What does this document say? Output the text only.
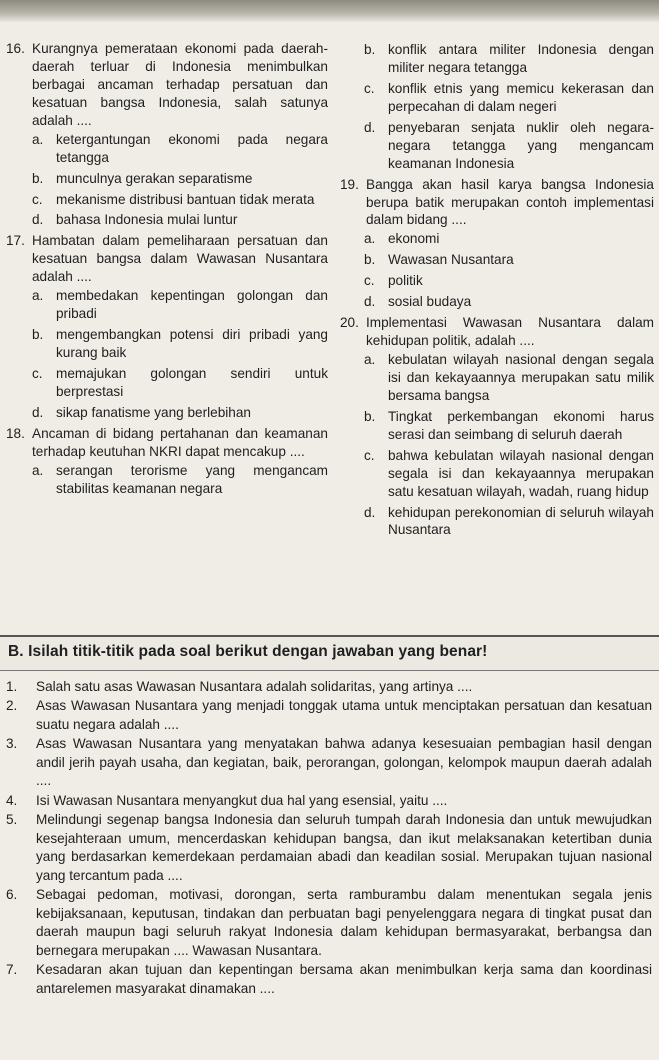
16. Kurangnya pemerataan ekonomi pada daerah-daerah terluar di Indonesia menimbulkan berbagai ancaman terhadap persatuan dan kesatuan bangsa Indonesia, salah satunya adalah ....
a. ketergantungan ekonomi pada negara tetangga
b. munculnya gerakan separatisme
c. mekanisme distribusi bantuan tidak merata
d. bahasa Indonesia mulai luntur
17. Hambatan dalam pemeliharaan persatuan dan kesatuan bangsa dalam Wawasan Nusantara adalah ....
a. membedakan kepentingan golongan dan pribadi
b. mengembangkan potensi diri pribadi yang kurang baik
c. memajukan golongan sendiri untuk berprestasi
d. sikap fanatisme yang berlebihan
18. Ancaman di bidang pertahanan dan keamanan terhadap keutuhan NKRI dapat mencakup ....
a. serangan terorisme yang mengancam stabilitas keamanan negara
b. konflik antara militer Indonesia dengan militer negara tetangga
c. konflik etnis yang memicu kekerasan dan perpecahan di dalam negeri
d. penyebaran senjata nuklir oleh negara-negara tetangga yang mengancam keamanan Indonesia
19. Bangga akan hasil karya bangsa Indonesia berupa batik merupakan contoh implementasi dalam bidang ....
a. ekonomi
b. Wawasan Nusantara
c. politik
d. sosial budaya
20. Implementasi Wawasan Nusantara dalam kehidupan politik, adalah ....
a. kebulatan wilayah nasional dengan segala isi dan kekayaannya merupakan satu milik bersama bangsa
b. Tingkat perkembangan ekonomi harus serasi dan seimbang di seluruh daerah
c. bahwa kebulatan wilayah nasional dengan segala isi dan kekayaannya merupakan satu kesatuan wilayah, wadah, ruang hidup
d. kehidupan perekonomian di seluruh wilayah Nusantara
B. Isilah titik-titik pada soal berikut dengan jawaban yang benar!
1.	Salah satu asas Wawasan Nusantara adalah solidaritas, yang artinya ....
2.	Asas Wawasan Nusantara yang menjadi tonggak utama untuk menciptakan persatuan dan kesatuan suatu negara adalah ....
3.	Asas Wawasan Nusantara yang menyatakan bahwa adanya kesesuaian pembagian hasil dengan andil jerih payah usaha, dan kegiatan, baik, perorangan, golongan, kelompok maupun daerah adalah ....
4.	Isi Wawasan Nusantara menyangkut dua hal yang esensial, yaitu ....
5.	Melindungi segenap bangsa Indonesia dan seluruh tumpah darah Indonesia dan untuk mewujudkan kesejahteraan umum, mencerdaskan kehidupan bangsa, dan ikut melaksanakan ketertiban dunia yang berdasarkan kemerdekaan perdamaian abadi dan keadilan sosial. Merupakan tujuan nasional yang tercantum pada ....
6.	Sebagai pedoman, motivasi, dorongan, serta ramburambu dalam menentukan segala jenis kebijaksanaan, keputusan, tindakan dan perbuatan bagi penyelenggara negara di tingkat pusat dan daerah maupun bagi seluruh rakyat Indonesia dalam kehidupan bermasyarakat, berbangsa dan bernegara merupakan .... Wawasan Nusantara.
7.	Kesadaran akan tujuan dan kepentingan bersama akan menimbulkan kerja sama dan koordinasi antarelemen masyarakat dinamakan ....
